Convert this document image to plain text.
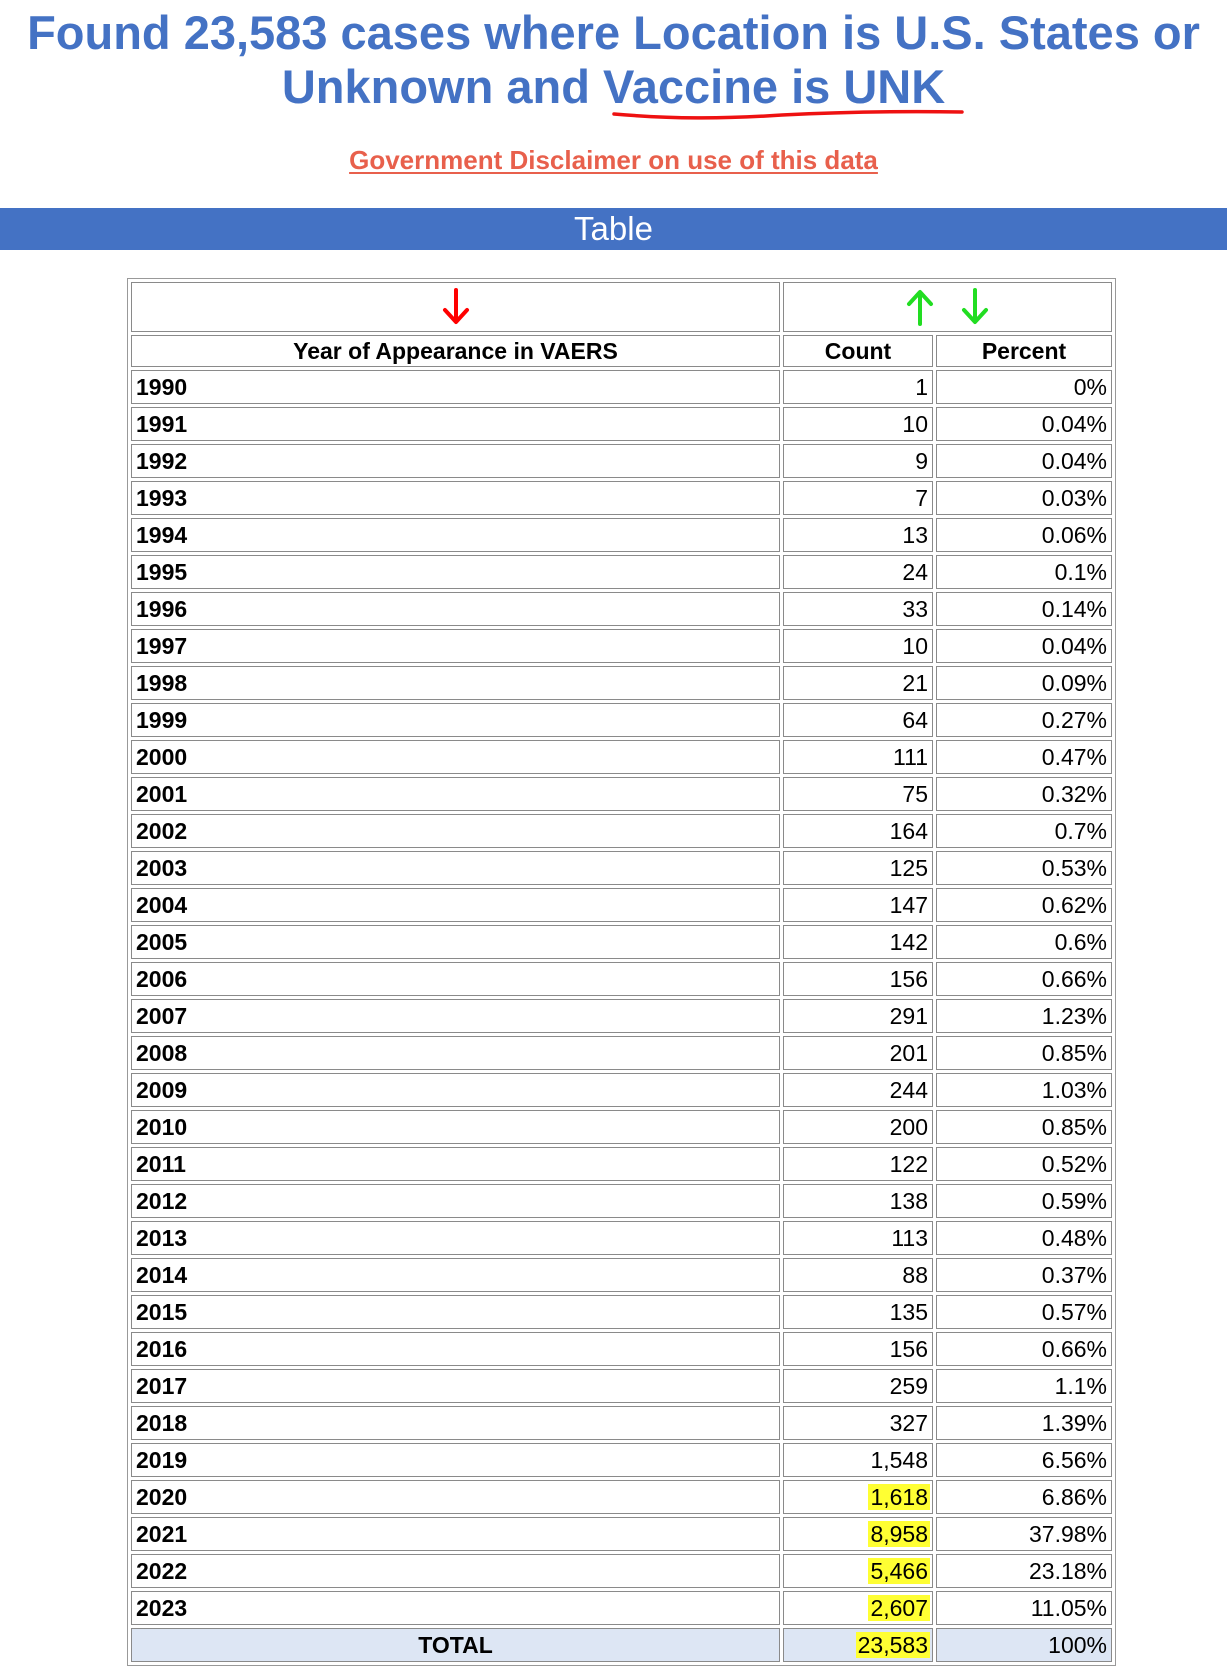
Found 23,583 cases where Location is U.S. States or
Unknown and Vaccine is UNK
Government Disclaimer on use of this data
Table

Year of Appearance in VAERS	Count	Percent
1990	1	0%
1991	10	0.04%
1992	9	0.04%
1993	7	0.03%
1994	13	0.06%
1995	24	0.1%
1996	33	0.14%
1997	10	0.04%
1998	21	0.09%
1999	64	0.27%
2000	111	0.47%
2001	75	0.32%
2002	164	0.7%
2003	125	0.53%
2004	147	0.62%
2005	142	0.6%
2006	156	0.66%
2007	291	1.23%
2008	201	0.85%
2009	244	1.03%
2010	200	0.85%
2011	122	0.52%
2012	138	0.59%
2013	113	0.48%
2014	88	0.37%
2015	135	0.57%
2016	156	0.66%
2017	259	1.1%
2018	327	1.39%
2019	1,548	6.56%
2020	1,618	6.86%
2021	8,958	37.98%
2022	5,466	23.18%
2023	2,607	11.05%
TOTAL	23,583	100%
